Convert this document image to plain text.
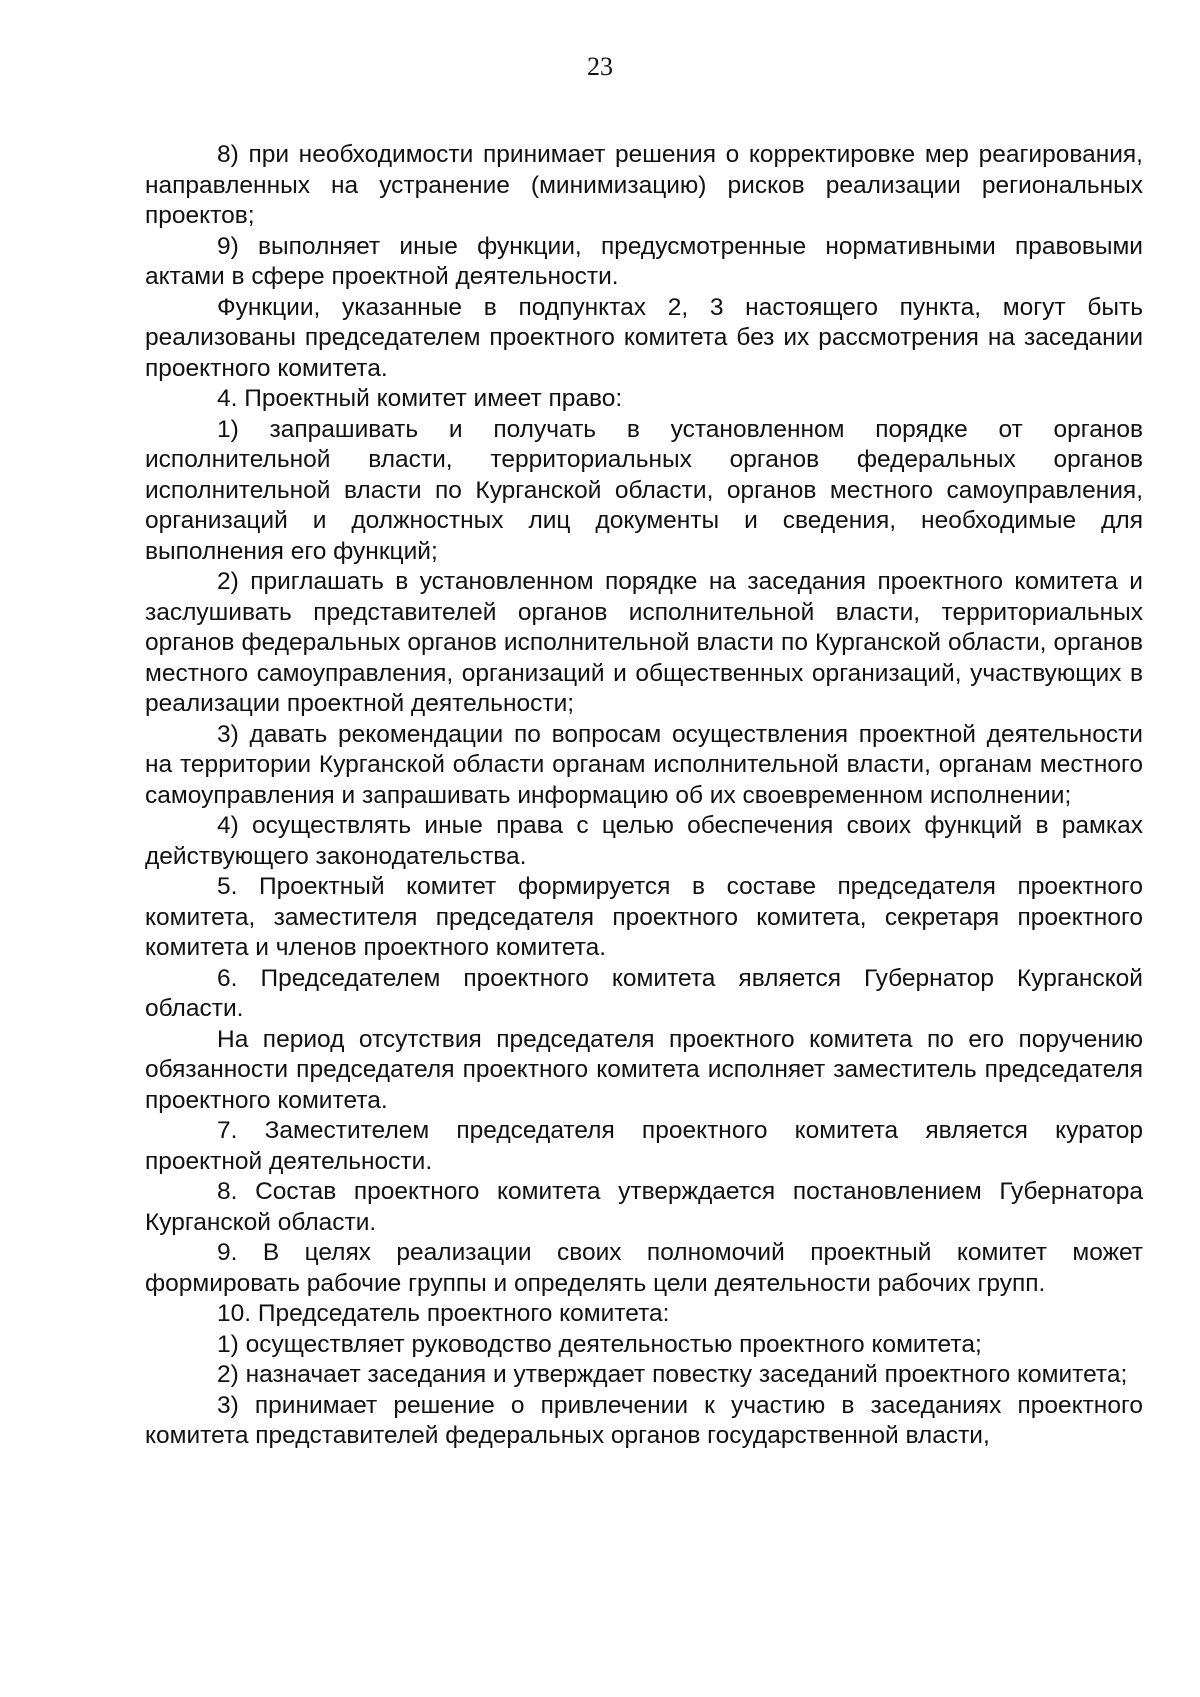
23

8) при необходимости принимает решения о корректировке мер реагирования, направленных на устранение (минимизацию) рисков реализации региональных проектов;

9) выполняет иные функции, предусмотренные нормативными правовыми актами в сфере проектной деятельности.

Функции, указанные в подпунктах 2, 3 настоящего пункта, могут быть реализованы председателем проектного комитета без их рассмотрения на заседании проектного комитета.

4. Проектный комитет имеет право:

1) запрашивать и получать в установленном порядке от органов исполнительной власти, территориальных органов федеральных органов исполнительной власти по Курганской области, органов местного самоуправления, организаций и должностных лиц документы и сведения, необходимые для выполнения его функций;

2) приглашать в установленном порядке на заседания проектного комитета и заслушивать представителей органов исполнительной власти, территориальных органов федеральных органов исполнительной власти по Курганской области, органов местного самоуправления, организаций и общественных организаций, участвующих в реализации проектной деятельности;

3) давать рекомендации по вопросам осуществления проектной деятельности на территории Курганской области органам исполнительной власти, органам местного самоуправления и запрашивать информацию об их своевременном исполнении;

4) осуществлять иные права с целью обеспечения своих функций в рамках действующего законодательства.

5. Проектный комитет формируется в составе председателя проектного комитета, заместителя председателя проектного комитета, секретаря проектного комитета и членов проектного комитета.

6. Председателем проектного комитета является Губернатор Курганской области.

На период отсутствия председателя проектного комитета по его поручению обязанности председателя проектного комитета исполняет заместитель председателя проектного комитета.

7. Заместителем председателя проектного комитета является куратор проектной деятельности.

8. Состав проектного комитета утверждается постановлением Губернатора Курганской области.

9. В целях реализации своих полномочий проектный комитет может формировать рабочие группы и определять цели деятельности рабочих групп.

10. Председатель проектного комитета:

1) осуществляет руководство деятельностью проектного комитета;

2) назначает заседания и утверждает повестку заседаний проектного комитета;

3) принимает решение о привлечении к участию в заседаниях проектного комитета представителей федеральных органов государственной власти,
